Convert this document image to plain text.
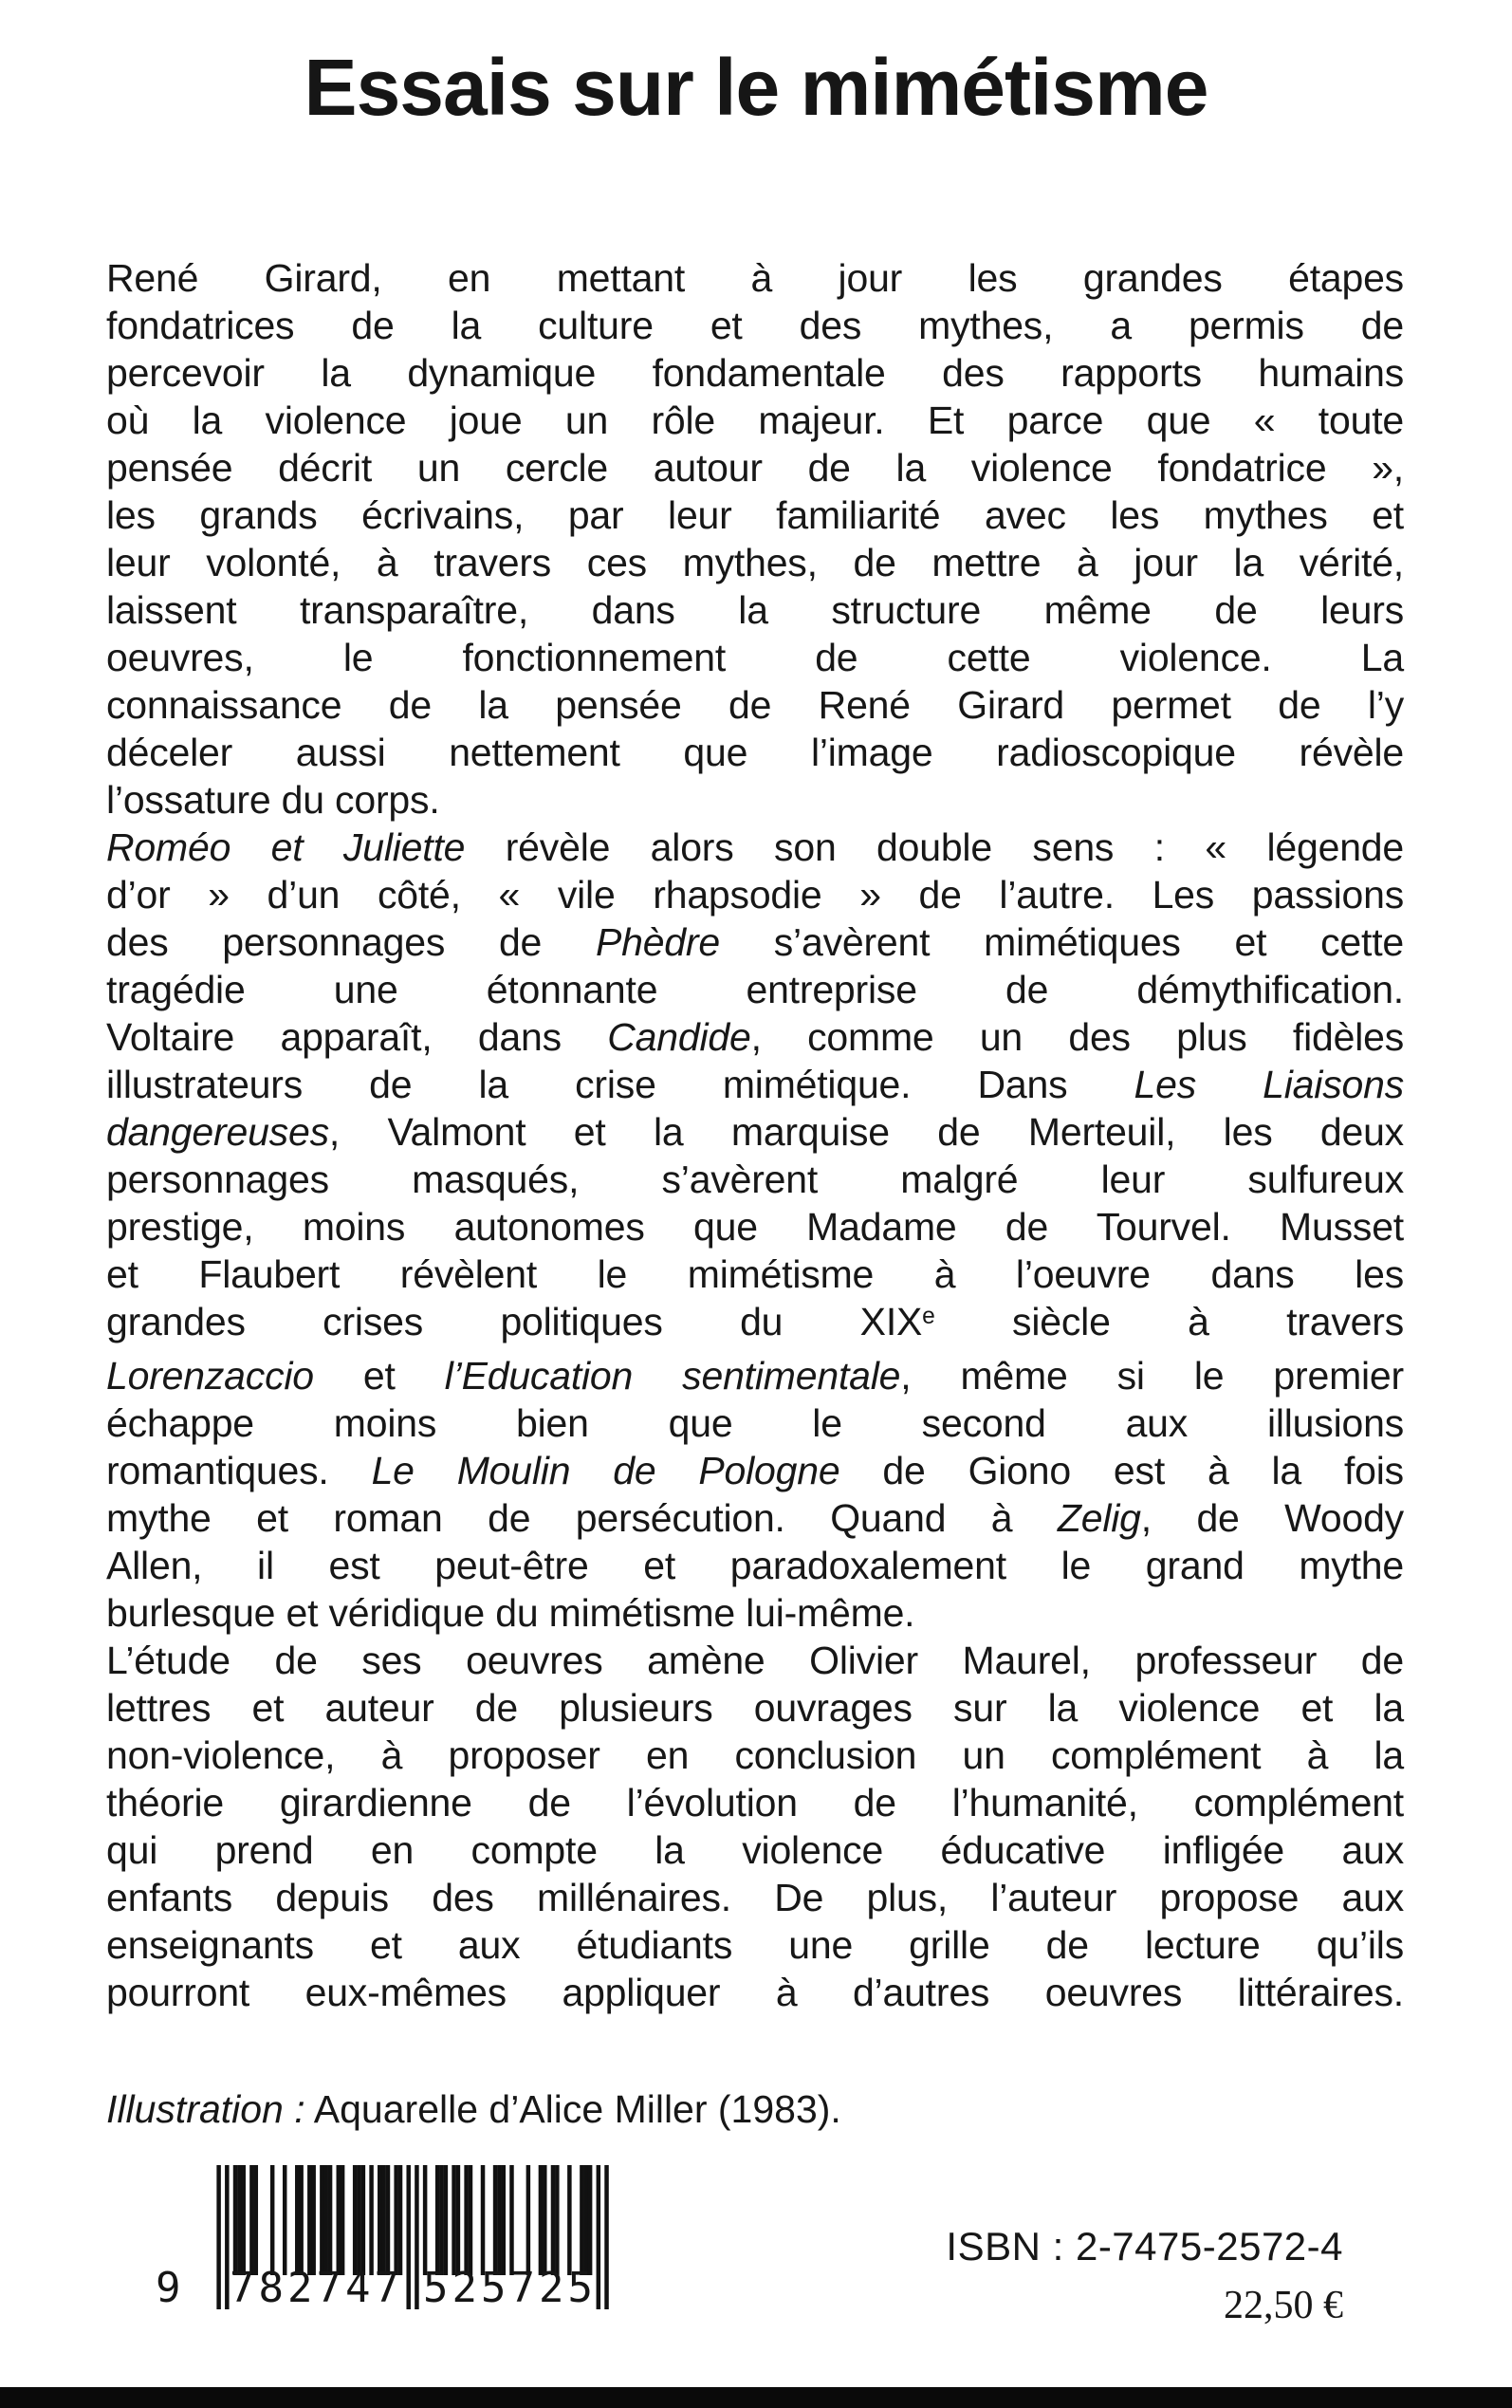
Essais sur le mimétisme
René Girard, en mettant à jour les grandes étapes
fondatrices de la culture et des mythes, a permis de
percevoir la dynamique fondamentale des rapports humains
où la violence joue un rôle majeur. Et parce que « toute
pensée décrit un cercle autour de la violence fondatrice »,
les grands écrivains, par leur familiarité avec les mythes et
leur volonté, à travers ces mythes, de mettre à jour la vérité,
laissent transparaître, dans la structure même de leurs
oeuvres, le fonctionnement de cette violence. La
connaissance de la pensée de René Girard permet de l’y
déceler aussi nettement que l’image radioscopique révèle
l’ossature du corps.
Roméo et Juliette révèle alors son double sens : « légende
d’or » d’un côté, « vile rhapsodie » de l’autre. Les passions
des personnages de Phèdre s’avèrent mimétiques et cette
tragédie une étonnante entreprise de démythification.
Voltaire apparaît, dans Candide, comme un des plus fidèles
illustrateurs de la crise mimétique. Dans Les Liaisons
dangereuses, Valmont et la marquise de Merteuil, les deux
personnages masqués, s’avèrent malgré leur sulfureux
prestige, moins autonomes que Madame de Tourvel. Musset
et Flaubert révèlent le mimétisme à l’oeuvre dans les
grandes crises politiques du XIXe siècle à travers
Lorenzaccio et l’Education sentimentale, même si le premier
échappe moins bien que le second aux illusions
romantiques. Le Moulin de Pologne de Giono est à la fois
mythe et roman de persécution. Quand à Zelig, de Woody
Allen, il est peut-être et paradoxalement le grand mythe
burlesque et véridique du mimétisme lui-même.
L’étude de ses oeuvres amène Olivier Maurel, professeur de
lettres et auteur de plusieurs ouvrages sur la violence et la
non-violence, à proposer en conclusion un complément à la
théorie girardienne de l’évolution de l’humanité, complément
qui prend en compte la violence éducative infligée aux
enfants depuis des millénaires. De plus, l’auteur propose aux
enseignants et aux étudiants une grille de lecture qu’ils
pourront eux-mêmes appliquer à d’autres oeuvres littéraires.
Illustration : Aquarelle d’Alice Miller (1983).
9 782747 525725
ISBN : 2-7475-2572-4
22,50 €
